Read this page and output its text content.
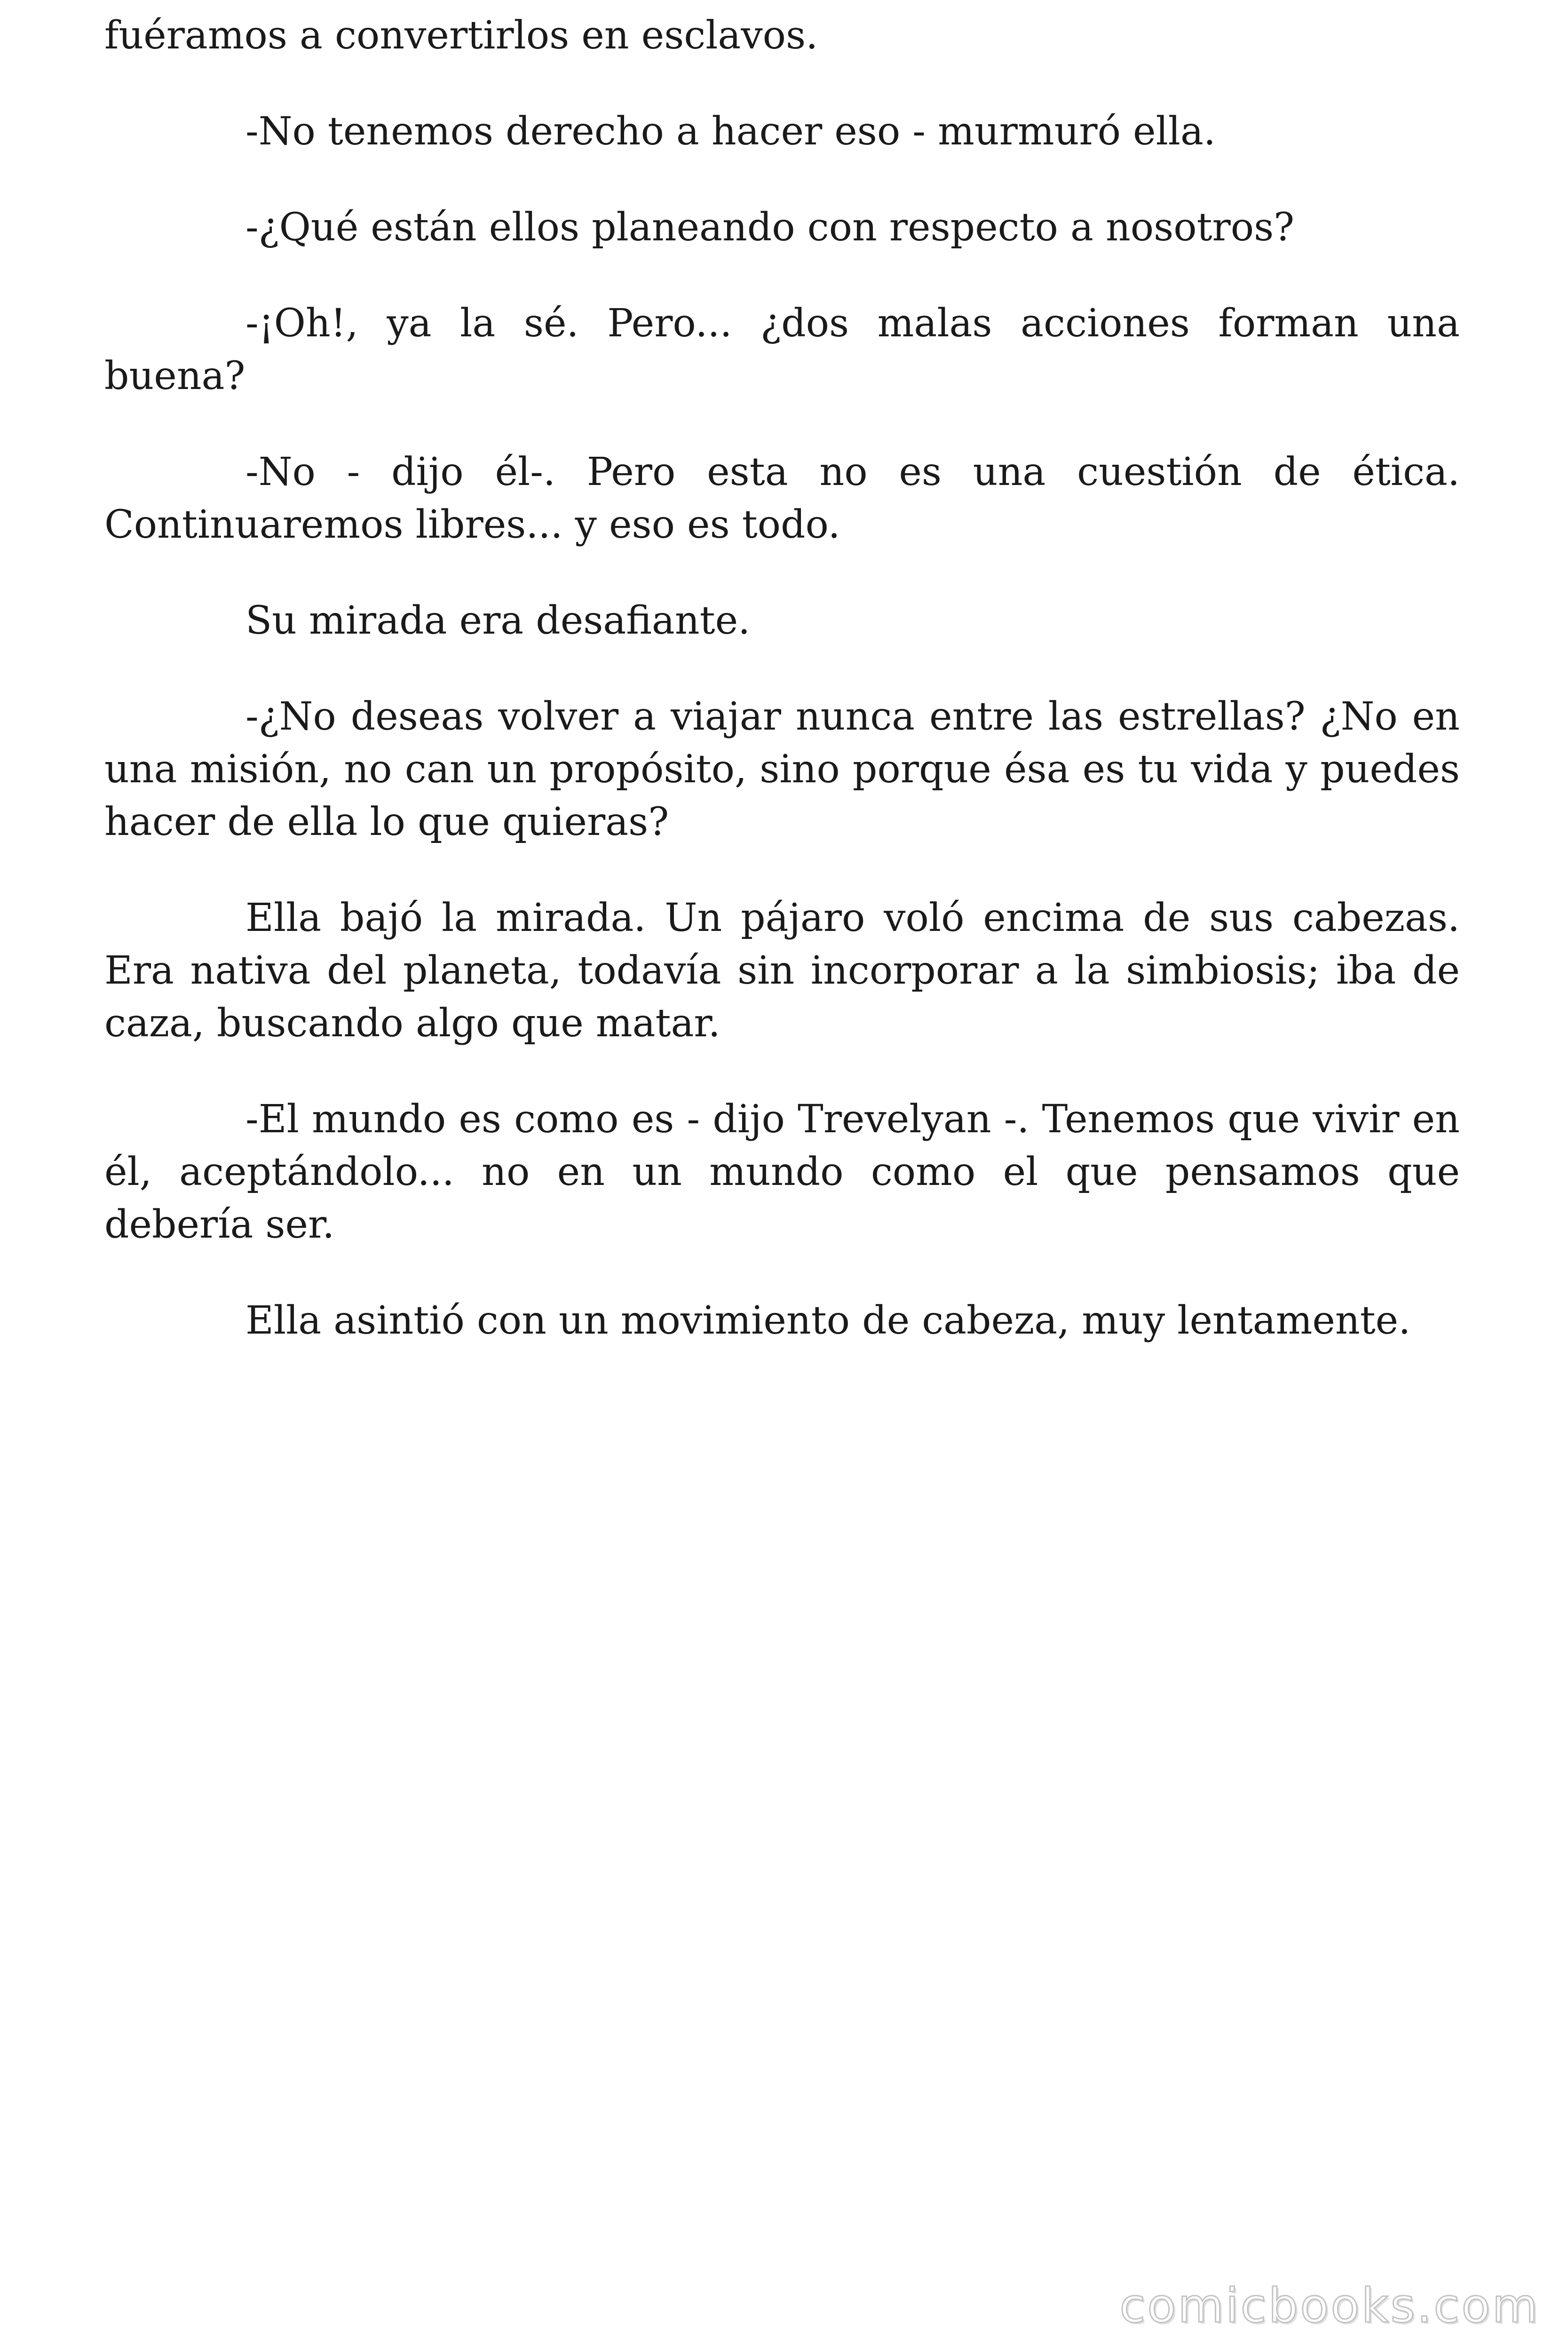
fuéramos a convertirlos en esclavos.

-No tenemos derecho a hacer eso - murmuró ella.

-¿Qué están ellos planeando con respecto a nosotros?

-¡Oh!, ya la sé. Pero... ¿dos malas acciones forman una buena?

-No - dijo él-. Pero esta no es una cuestión de ética. Continuaremos libres... y eso es todo.

Su mirada era desafiante.

-¿No deseas volver a viajar nunca entre las estrellas? ¿No en una misión, no can un propósito, sino porque ésa es tu vida y puedes hacer de ella lo que quieras?

Ella bajó la mirada. Un pájaro voló encima de sus cabezas. Era nativa del planeta, todavía sin incorporar a la simbiosis; iba de caza, buscando algo que matar.

-El mundo es como es - dijo Trevelyan -. Tenemos que vivir en él, aceptándolo... no en un mundo como el que pensamos que debería ser.

Ella asintió con un movimiento de cabeza, muy lentamente.

comicbooks.com
